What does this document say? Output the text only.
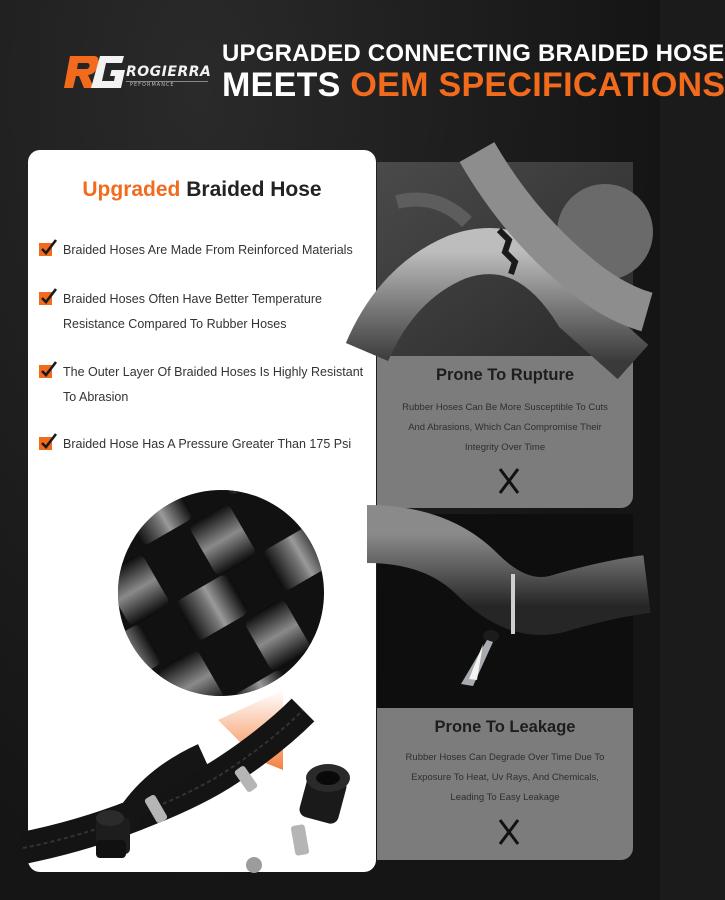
ROGIERRA
PEFORMANCE
UPGRADED CONNECTING BRAIDED HOSE
MEETS OEM SPECIFICATIONS
Upgraded Braided Hose
Braided Hoses Are Made From Reinforced Materials
Braided Hoses Often Have Better Temperature Resistance Compared To Rubber Hoses
The Outer Layer Of Braided Hoses Is Highly Resistant To Abrasion
Braided Hose Has A Pressure Greater Than 175 Psi
Prone To Rupture
Rubber Hoses Can Be More Susceptible To Cuts And Abrasions, Which Can Compromise Their Integrity Over Time
Prone To Leakage
Rubber Hoses Can Degrade Over Time Due To Exposure To Heat, Uv Rays, And Chemicals, Leading To Easy Leakage
